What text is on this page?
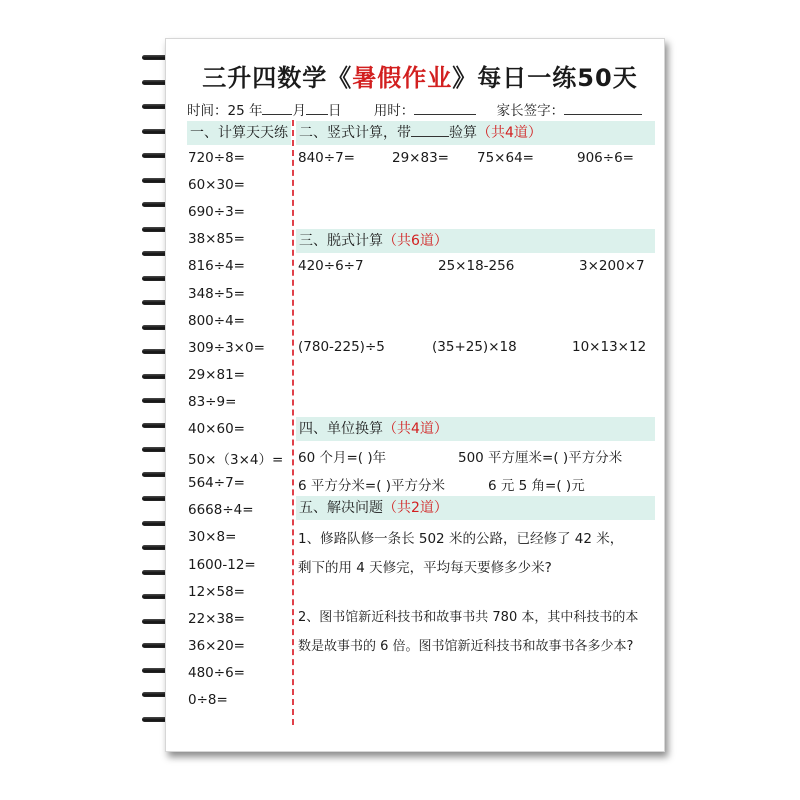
三升四数学《暑假作业》每日一练50天
时间：25 年 月 日 用时：	家长签字：
一、计算天天练 二、竖式计算，带	验算（共4道）
三、脱式计算（共6道）
四、单位换算（共4道）
五、解决问题（共2道）
720÷8=
60×30=
690÷3=
38×85=
816÷4=
348÷5=
800÷4=
309÷3×0=
29×81=
83÷9=
40×60=
50×（3×4）=
564÷7=
6668÷4=
30×8=
1600-12=
12×58=
22×38=
36×20=
480÷6=
0÷8=
840÷7=	29×83= 75×64=	906÷6=
420÷6÷7	25×18-256	3×200×7
(780-225)÷5	(35+25)×18	10×13×12
60 个月=( )年	500 平方厘米=( )平方分米
6 平方分米=( )平方分米	6 元 5 角=( )元
1、修路队修一条长 502 米的公路，已经修了 42 米，
剩下的用 4 天修完，平均每天要修多少米?
2、图书馆新近科技书和故事书共 780 本，其中科技书的本
数是故事书的 6 倍。图书馆新近科技书和故事书各多少本?
